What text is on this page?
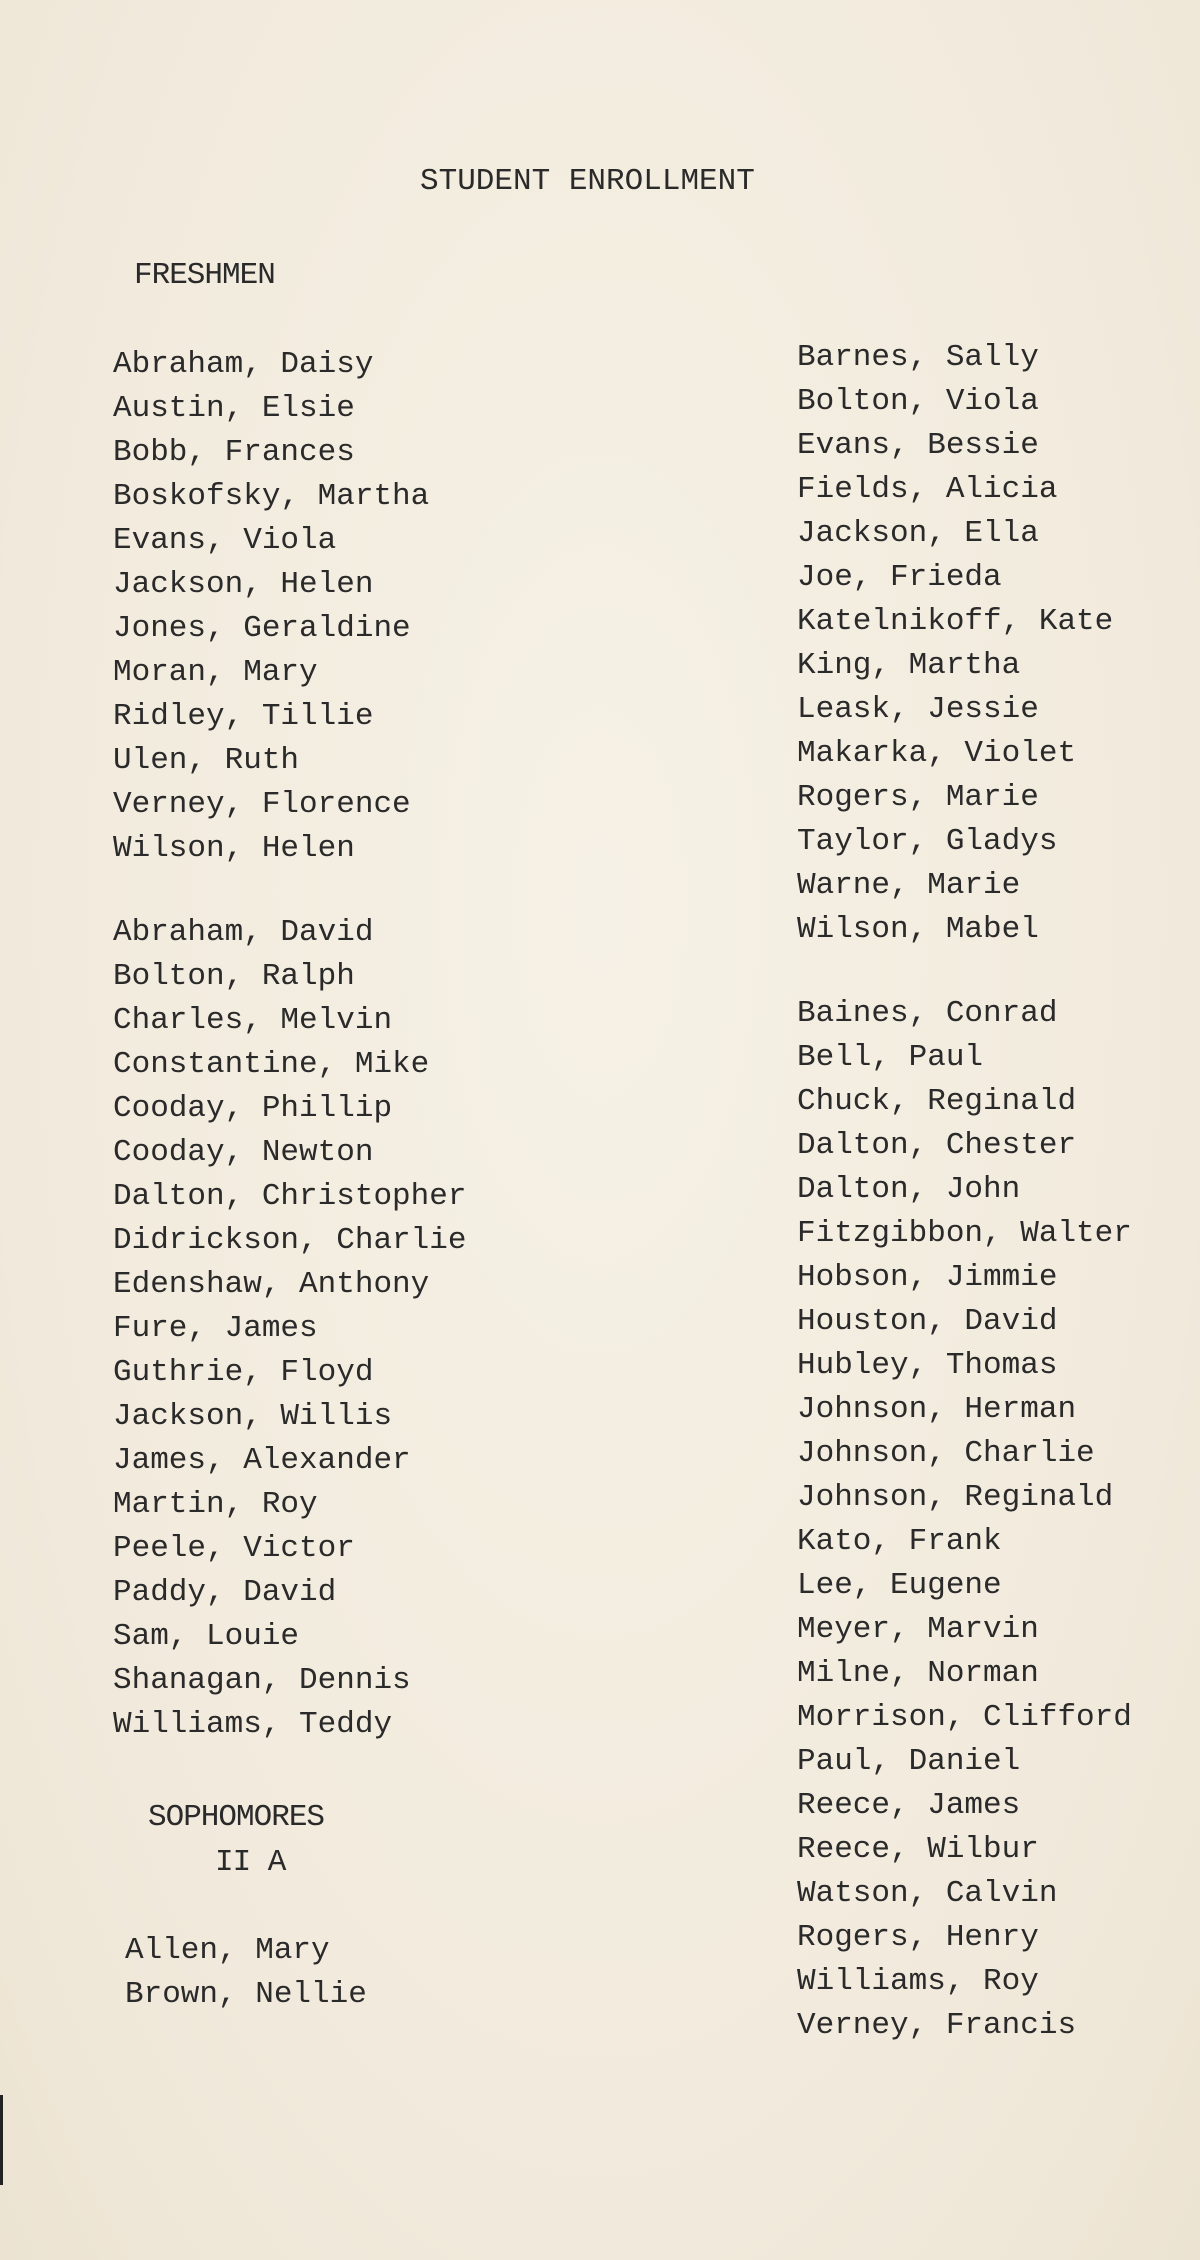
STUDENT ENROLLMENT
FRESHMEN
Abraham, Daisy
Austin, Elsie
Bobb, Frances
Boskofsky, Martha
Evans, Viola
Jackson, Helen
Jones, Geraldine
Moran, Mary
Ridley, Tillie
Ulen, Ruth
Verney, Florence
Wilson, Helen
Abraham, David
Bolton, Ralph
Charles, Melvin
Constantine, Mike
Cooday, Phillip
Cooday, Newton
Dalton, Christopher
Didrickson, Charlie
Edenshaw, Anthony
Fure, James
Guthrie, Floyd
Jackson, Willis
James, Alexander
Martin, Roy
Peele, Victor
Paddy, David
Sam, Louie
Shanagan, Dennis
Williams, Teddy
SOPHOMORES
II A
Allen, Mary
Brown, Nellie
Barnes, Sally
Bolton, Viola
Evans, Bessie
Fields, Alicia
Jackson, Ella
Joe, Frieda
Katelnikoff, Kate
King, Martha
Leask, Jessie
Makarka, Violet
Rogers, Marie
Taylor, Gladys
Warne, Marie
Wilson, Mabel
Baines, Conrad
Bell, Paul
Chuck, Reginald
Dalton, Chester
Dalton, John
Fitzgibbon, Walter
Hobson, Jimmie
Houston, David
Hubley, Thomas
Johnson, Herman
Johnson, Charlie
Johnson, Reginald
Kato, Frank
Lee, Eugene
Meyer, Marvin
Milne, Norman
Morrison, Clifford
Paul, Daniel
Reece, James
Reece, Wilbur
Watson, Calvin
Rogers, Henry
Williams, Roy
Verney, Francis
